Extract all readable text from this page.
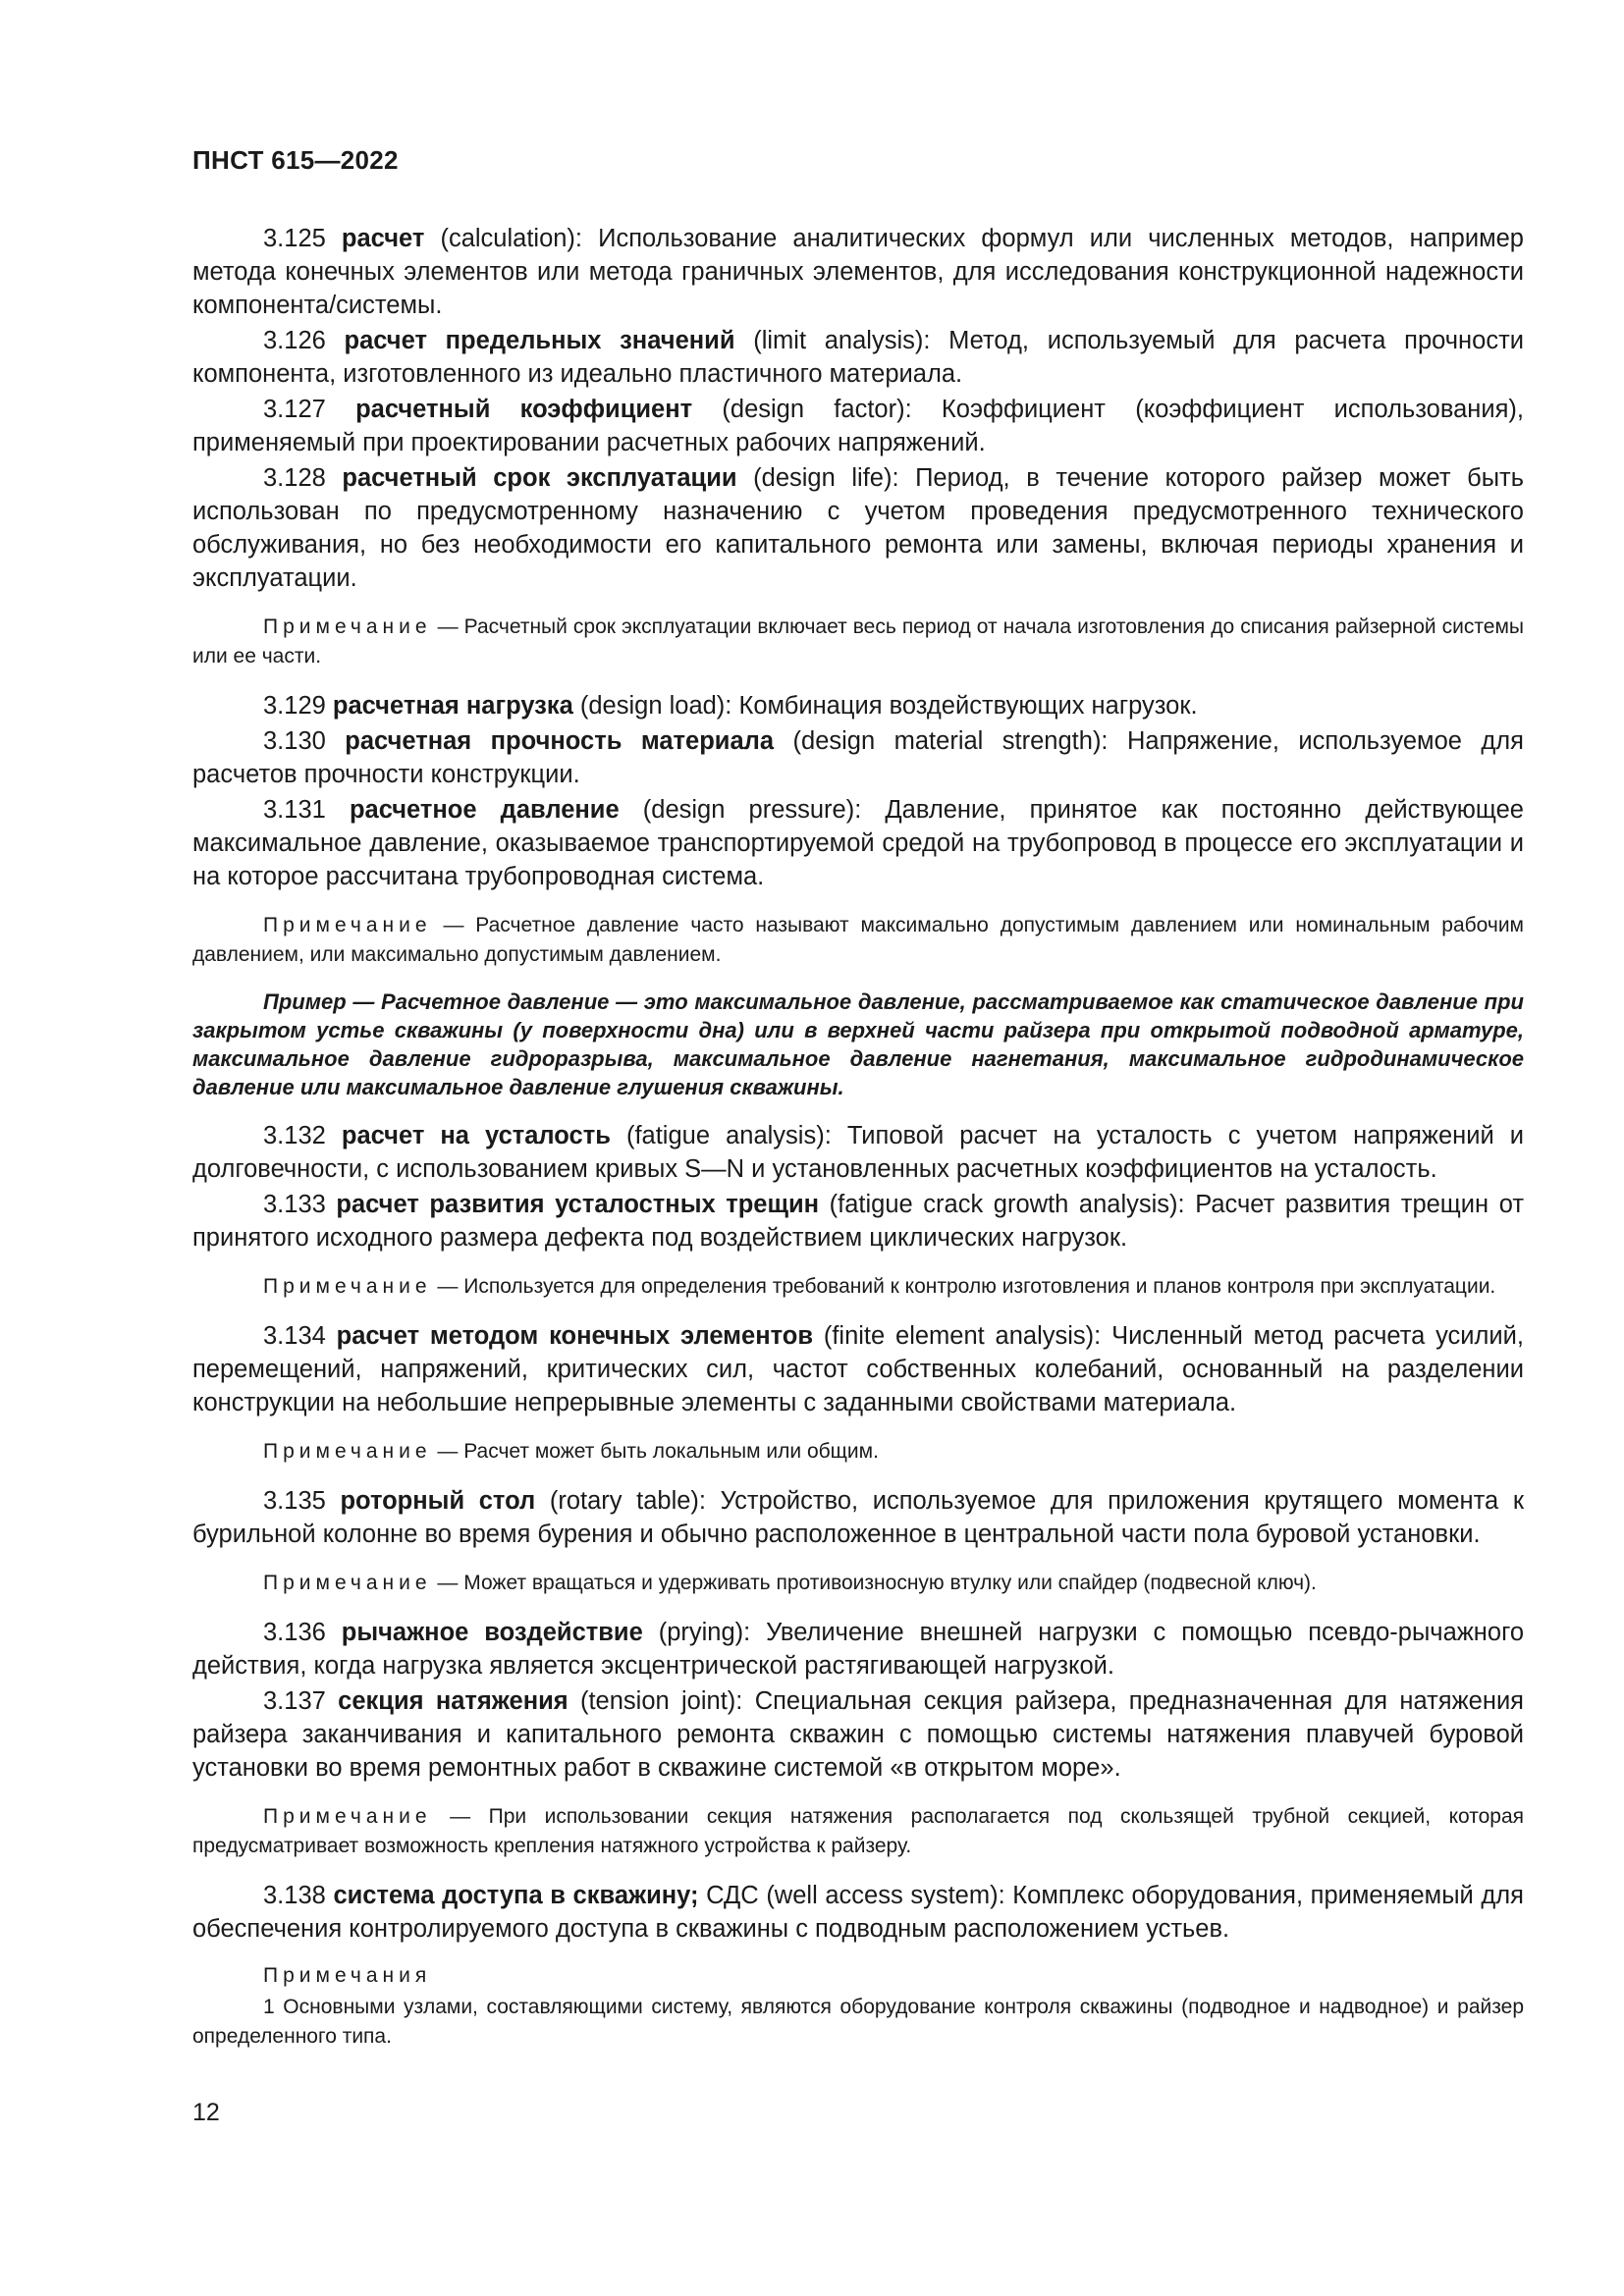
ПНСТ 615—2022

3.125 расчет (calculation): Использование аналитических формул или численных методов, например метода конечных элементов или метода граничных элементов, для исследования конструкционной надежности компонента/системы.

3.126 расчет предельных значений (limit analysis): Метод, используемый для расчета прочности компонента, изготовленного из идеально пластичного материала.

3.127 расчетный коэффициент (design factor): Коэффициент (коэффициент использования), применяемый при проектировании расчетных рабочих напряжений.

3.128 расчетный срок эксплуатации (design life): Период, в течение которого райзер может быть использован по предусмотренному назначению с учетом проведения предусмотренного технического обслуживания, но без необходимости его капитального ремонта или замены, включая периоды хранения и эксплуатации.

Примечание — Расчетный срок эксплуатации включает весь период от начала изготовления до списания райзерной системы или ее части.

3.129 расчетная нагрузка (design load): Комбинация воздействующих нагрузок.

3.130 расчетная прочность материала (design material strength): Напряжение, используемое для расчетов прочности конструкции.

3.131 расчетное давление (design pressure): Давление, принятое как постоянно действующее максимальное давление, оказываемое транспортируемой средой на трубопровод в процессе его эксплуатации и на которое рассчитана трубопроводная система.

Примечание — Расчетное давление часто называют максимально допустимым давлением или номинальным рабочим давлением, или максимально допустимым давлением.

Пример — Расчетное давление — это максимальное давление, рассматриваемое как статическое давление при закрытом устье скважины (у поверхности дна) или в верхней части райзера при открытой подводной арматуре, максимальное давление гидроразрыва, максимальное давление нагнетания, максимальное гидродинамическое давление или максимальное давление глушения скважины.

3.132 расчет на усталость (fatigue analysis): Типовой расчет на усталость с учетом напряжений и долговечности, с использованием кривых S—N и установленных расчетных коэффициентов на усталость.

3.133 расчет развития усталостных трещин (fatigue crack growth analysis): Расчет развития трещин от принятого исходного размера дефекта под воздействием циклических нагрузок.

Примечание — Используется для определения требований к контролю изготовления и планов контроля при эксплуатации.

3.134 расчет методом конечных элементов (finite element analysis): Численный метод расчета усилий, перемещений, напряжений, критических сил, частот собственных колебаний, основанный на разделении конструкции на небольшие непрерывные элементы с заданными свойствами материала.

Примечание — Расчет может быть локальным или общим.

3.135 роторный стол (rotary table): Устройство, используемое для приложения крутящего момента к бурильной колонне во время бурения и обычно расположенное в центральной части пола буровой установки.

Примечание — Может вращаться и удерживать противоизносную втулку или спайдер (подвесной ключ).

3.136 рычажное воздействие (prying): Увеличение внешней нагрузки с помощью псевдо-рычажного действия, когда нагрузка является эксцентрической растягивающей нагрузкой.

3.137 секция натяжения (tension joint): Специальная секция райзера, предназначенная для натяжения райзера заканчивания и капитального ремонта скважин с помощью системы натяжения плавучей буровой установки во время ремонтных работ в скважине системой «в открытом море».

Примечание — При использовании секция натяжения располагается под скользящей трубной секцией, которая предусматривает возможность крепления натяжного устройства к райзеру.

3.138 система доступа в скважину; СДС (well access system): Комплекс оборудования, применяемый для обеспечения контролируемого доступа в скважины с подводным расположением устьев.

Примечания

1 Основными узлами, составляющими систему, являются оборудование контроля скважины (подводное и надводное) и райзер определенного типа.

12
